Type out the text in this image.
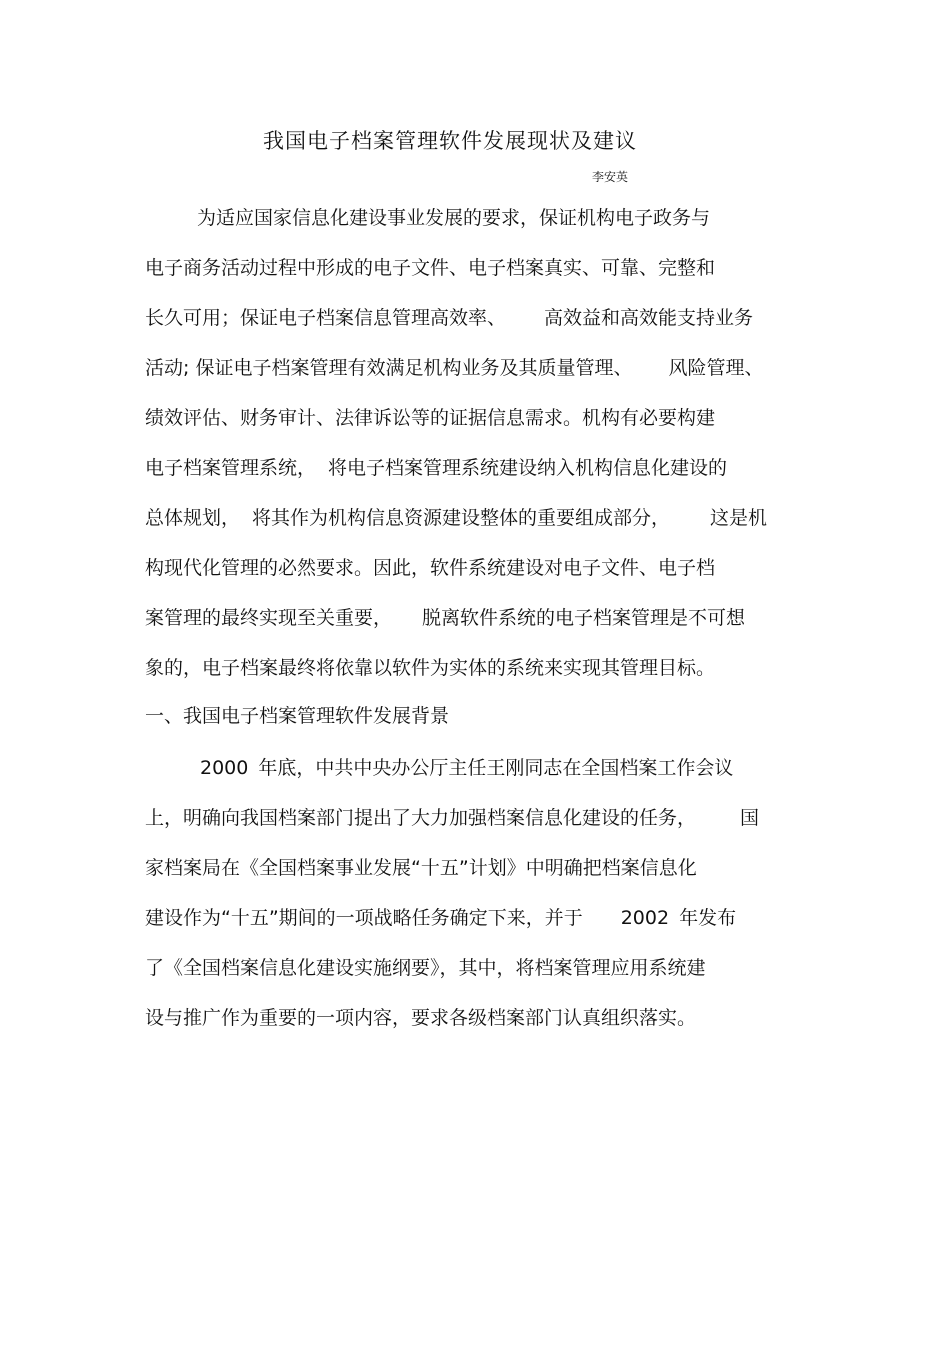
我国电子档案管理软件发展现状及建议
李安英
为适应国家信息化建设事业发展的要求，保证机构电子政务与
电子商务活动过程中形成的电子文件、电子档案真实、可靠、完整和
长久可用；保证电子档案信息管理高效率、 高效益和高效能支持业务
活动; 保证电子档案管理有效满足机构业务及其质量管理、 风险管理、
绩效评估、财务审计、法律诉讼等的证据信息需求。机构有必要构建
电子档案管理系统， 将电子档案管理系统建设纳入机构信息化建设的
总体规划， 将其作为机构信息资源建设整体的重要组成部分， 这是机
构现代化管理的必然要求。因此，软件系统建设对电子文件、电子档
案管理的最终实现至关重要， 脱离软件系统的电子档案管理是不可想
象的，电子档案最终将依靠以软件为实体的系统来实现其管理目标。
一、我国电子档案管理软件发展背景
2000 年底，中共中央办公厅主任王刚同志在全国档案工作会议
上，明确向我国档案部门提出了大力加强档案信息化建设的任务， 国
家档案局在《全国档案事业发展“十五”计划》中明确把档案信息化
建设作为“十五”期间的一项战略任务确定下来，并于 2002 年发布
了《全国档案信息化建设实施纲要》，其中，将档案管理应用系统建
设与推广作为重要的一项内容，要求各级档案部门认真组织落实。
